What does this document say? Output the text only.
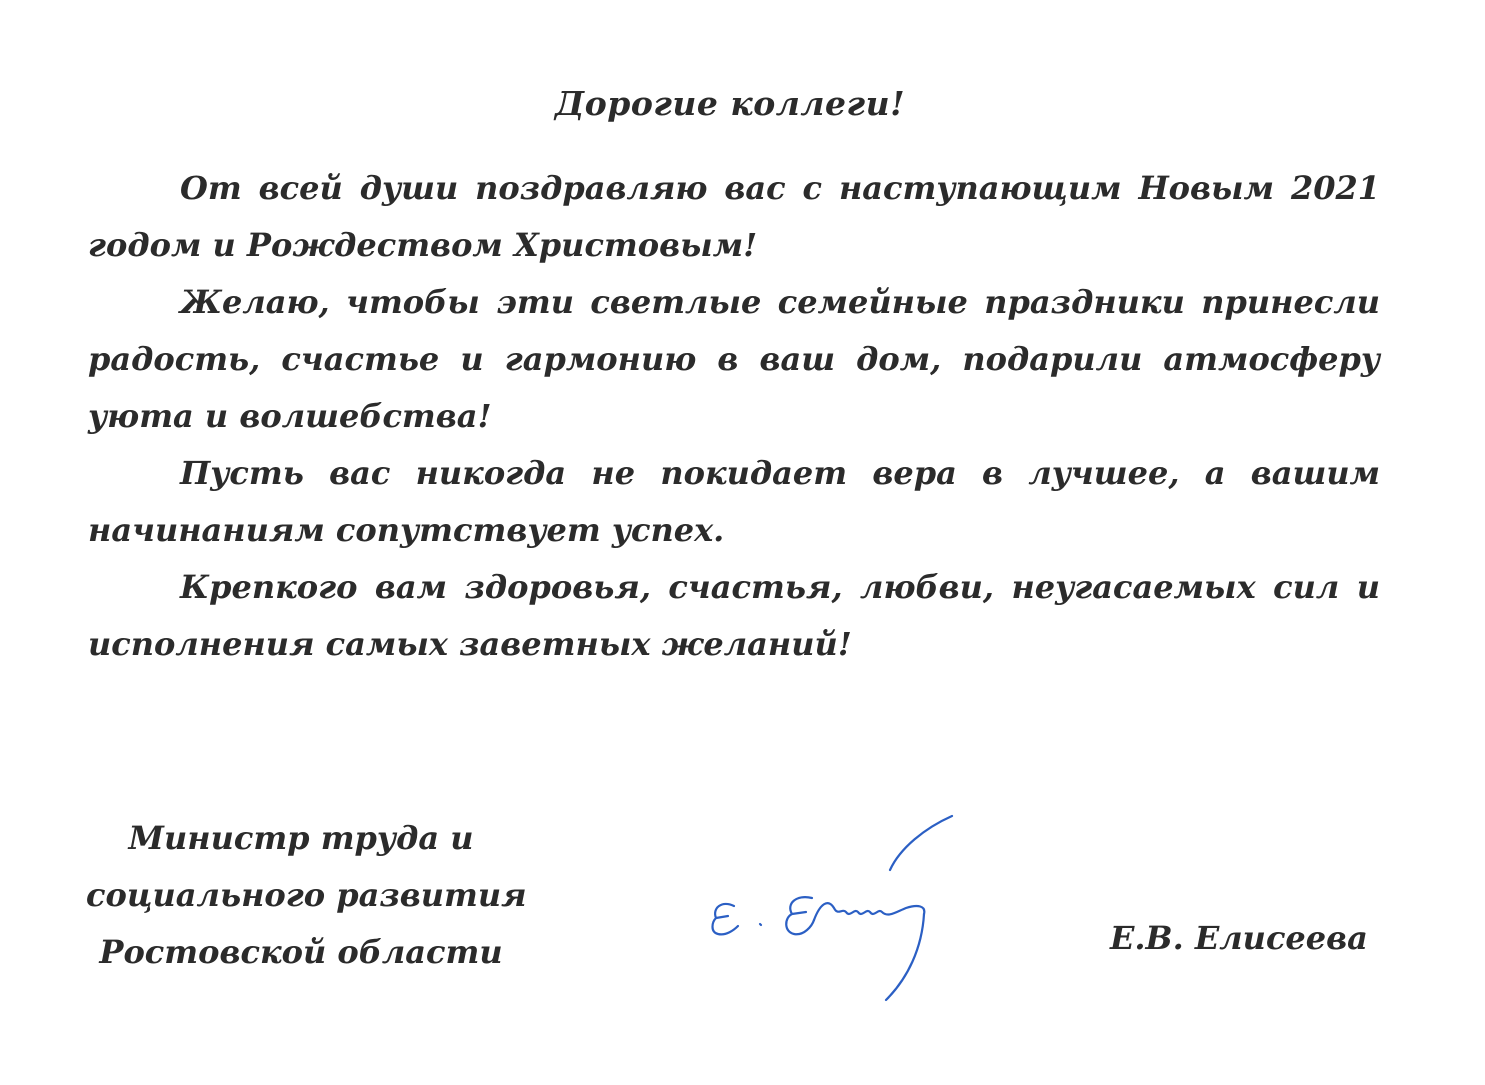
Дорогие коллеги!

От всей души поздравляю вас с наступающим Новым 2021 годом и Рождеством Христовым!

Желаю, чтобы эти светлые семейные праздники принесли радость, счастье и гармонию в ваш дом, подарили атмосферу уюта и волшебства!

Пусть вас никогда не покидает вера в лучшее, а вашим начинаниям сопутствует успех.

Крепкого вам здоровья, счастья, любви, неугасаемых сил и исполнения самых заветных желаний!

Министр труда и
социального развития
Ростовской области	Е.В. Елисеева
